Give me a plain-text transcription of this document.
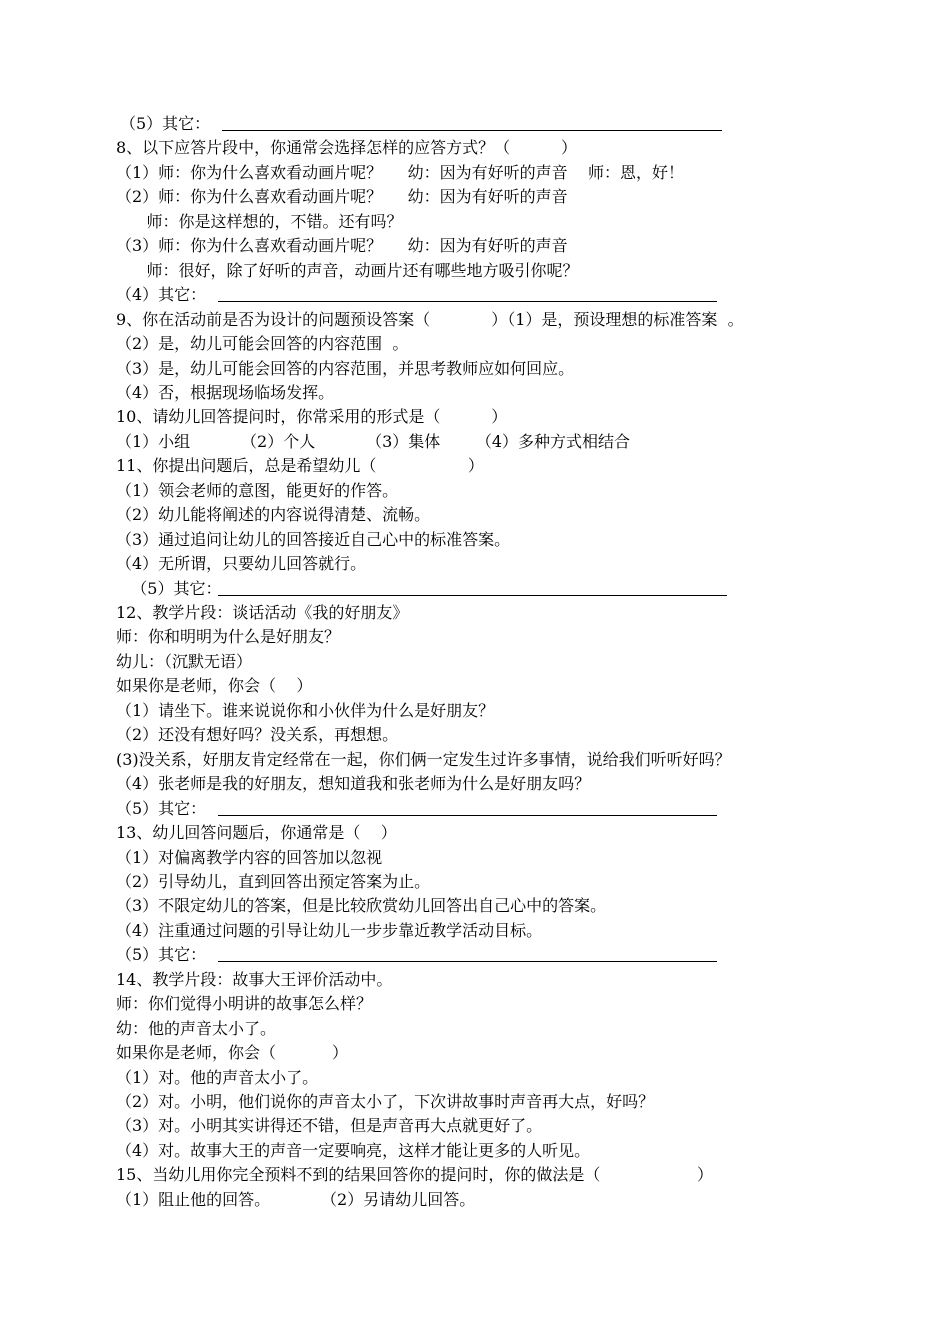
（5）其它：
8、以下应答片段中，你通常会选择怎样的应答方式？（          ）
（1）师：你为什么喜欢看动画片呢？     幼：因为有好听的声音    师：恩，好！
（2）师：你为什么喜欢看动画片呢？     幼：因为有好听的声音
师：你是这样想的，不错。还有吗？
（3）师：你为什么喜欢看动画片呢？     幼：因为有好听的声音
师：很好，除了好听的声音，动画片还有哪些地方吸引你呢？
（4）其它：
9、你在活动前是否为设计的问题预设答案（            ）（1）是，预设理想的标准答案  。
（2）是，幼儿可能会回答的内容范围  。
（3）是，幼儿可能会回答的内容范围，并思考教师应如何回应。
（4）否，根据现场临场发挥。
10、请幼儿回答提问时，你常采用的形式是（          ）
（1）小组          （2）个人          （3）集体       （4）多种方式相结合
11、你提出问题后，总是希望幼儿（                  ）
（1）领会老师的意图，能更好的作答。
（2）幼儿能将阐述的内容说得清楚、流畅。
（3）通过追问让幼儿的回答接近自己心中的标准答案。
（4）无所谓，只要幼儿回答就行。
（5）其它：
12、教学片段：谈话活动《我的好朋友》
师：你和明明为什么是好朋友？
幼儿：（沉默无语）
如果你是老师，你会（    ）
（1）请坐下。谁来说说你和小伙伴为什么是好朋友？
（2）还没有想好吗？没关系，再想想。
(3)没关系，好朋友肯定经常在一起，你们俩一定发生过许多事情，说给我们听听好吗？
（4）张老师是我的好朋友，想知道我和张老师为什么是好朋友吗？
（5）其它：
13、幼儿回答问题后，你通常是（    ）
（1）对偏离教学内容的回答加以忽视
（2）引导幼儿，直到回答出预定答案为止。
（3）不限定幼儿的答案，但是比较欣赏幼儿回答出自己心中的答案。
（4）注重通过问题的引导让幼儿一步步靠近教学活动目标。
（5）其它：
14、教学片段：故事大王评价活动中。
师：你们觉得小明讲的故事怎么样？
幼：他的声音太小了。
如果你是老师，你会（           ）
（1）对。他的声音太小了。
（2）对。小明，他们说你的声音太小了，下次讲故事时声音再大点，好吗？
（3）对。小明其实讲得还不错，但是声音再大点就更好了。
（4）对。故事大王的声音一定要响亮，这样才能让更多的人听见。
15、当幼儿用你完全预料不到的结果回答你的提问时，你的做法是（                   ）
（1）阻止他的回答。          （2）另请幼儿回答。
